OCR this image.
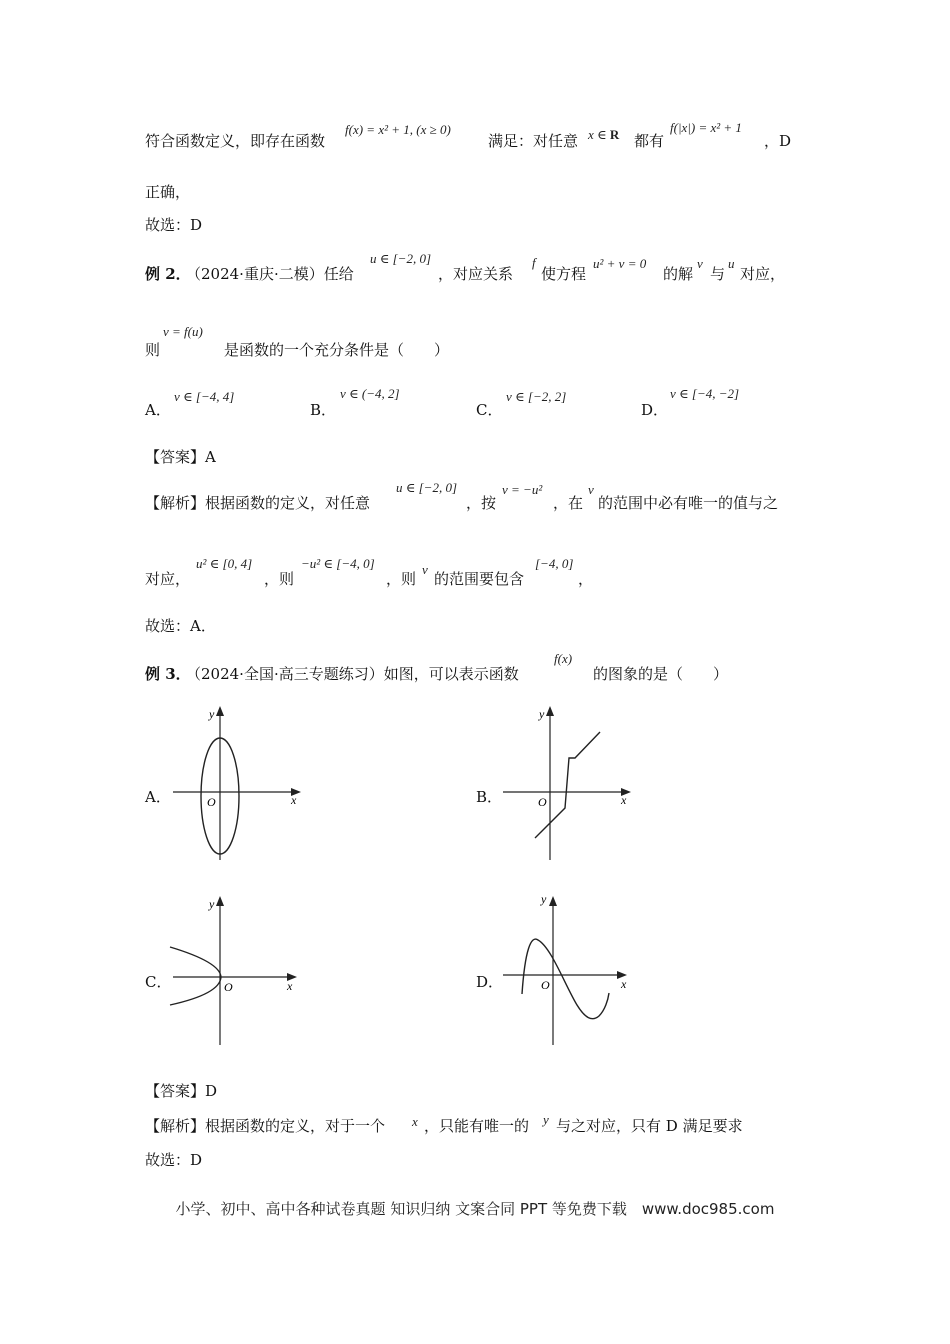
符合函数定义，即存在函数
f(x) = x² + 1, (x ≥ 0)
满足：对任意 x ∈ R 都有
f(|x|) = x² + 1
，D
正确，
故选：D
例 2．
（2024·重庆·二模）任给
u ∈ [−2, 0]
，对应关系
f
使方程
u² + v = 0
的解
v
与
u
对应，
则
v = f(u)
是函数的一个充分条件是（　　）
A．
v ∈ [−4, 4]
B．
v ∈ (−4, 2]
C．
v ∈ [−2, 2]
D．
v ∈ [−4, −2]
【答案】A
【解析】根据函数的定义，对任意
u ∈ [−2, 0]
，按
v = −u²
，在
v
的范围中必有唯一的值与之
对应，
u² ∈ [0, 4]
，则
−u² ∈ [−4, 0]
，则
v
的范围要包含
[−4, 0]
，
故选：A．
例 3．
（2024·全国·高三专题练习）如图，可以表示函数
f(x)
的图象的是（　　）
A．
y
x
O	B．
y
x
O
C．
y
x
O	D．
y
x
O
【答案】D
【解析】根据函数的定义，对于一个 x ，只能有唯一的 y 与之对应，只有 D 满足要求
故选：D
小学、初中、高中各种试卷真题 知识归纳 文案合同 PPT 等免费下载　www.doc985.com
